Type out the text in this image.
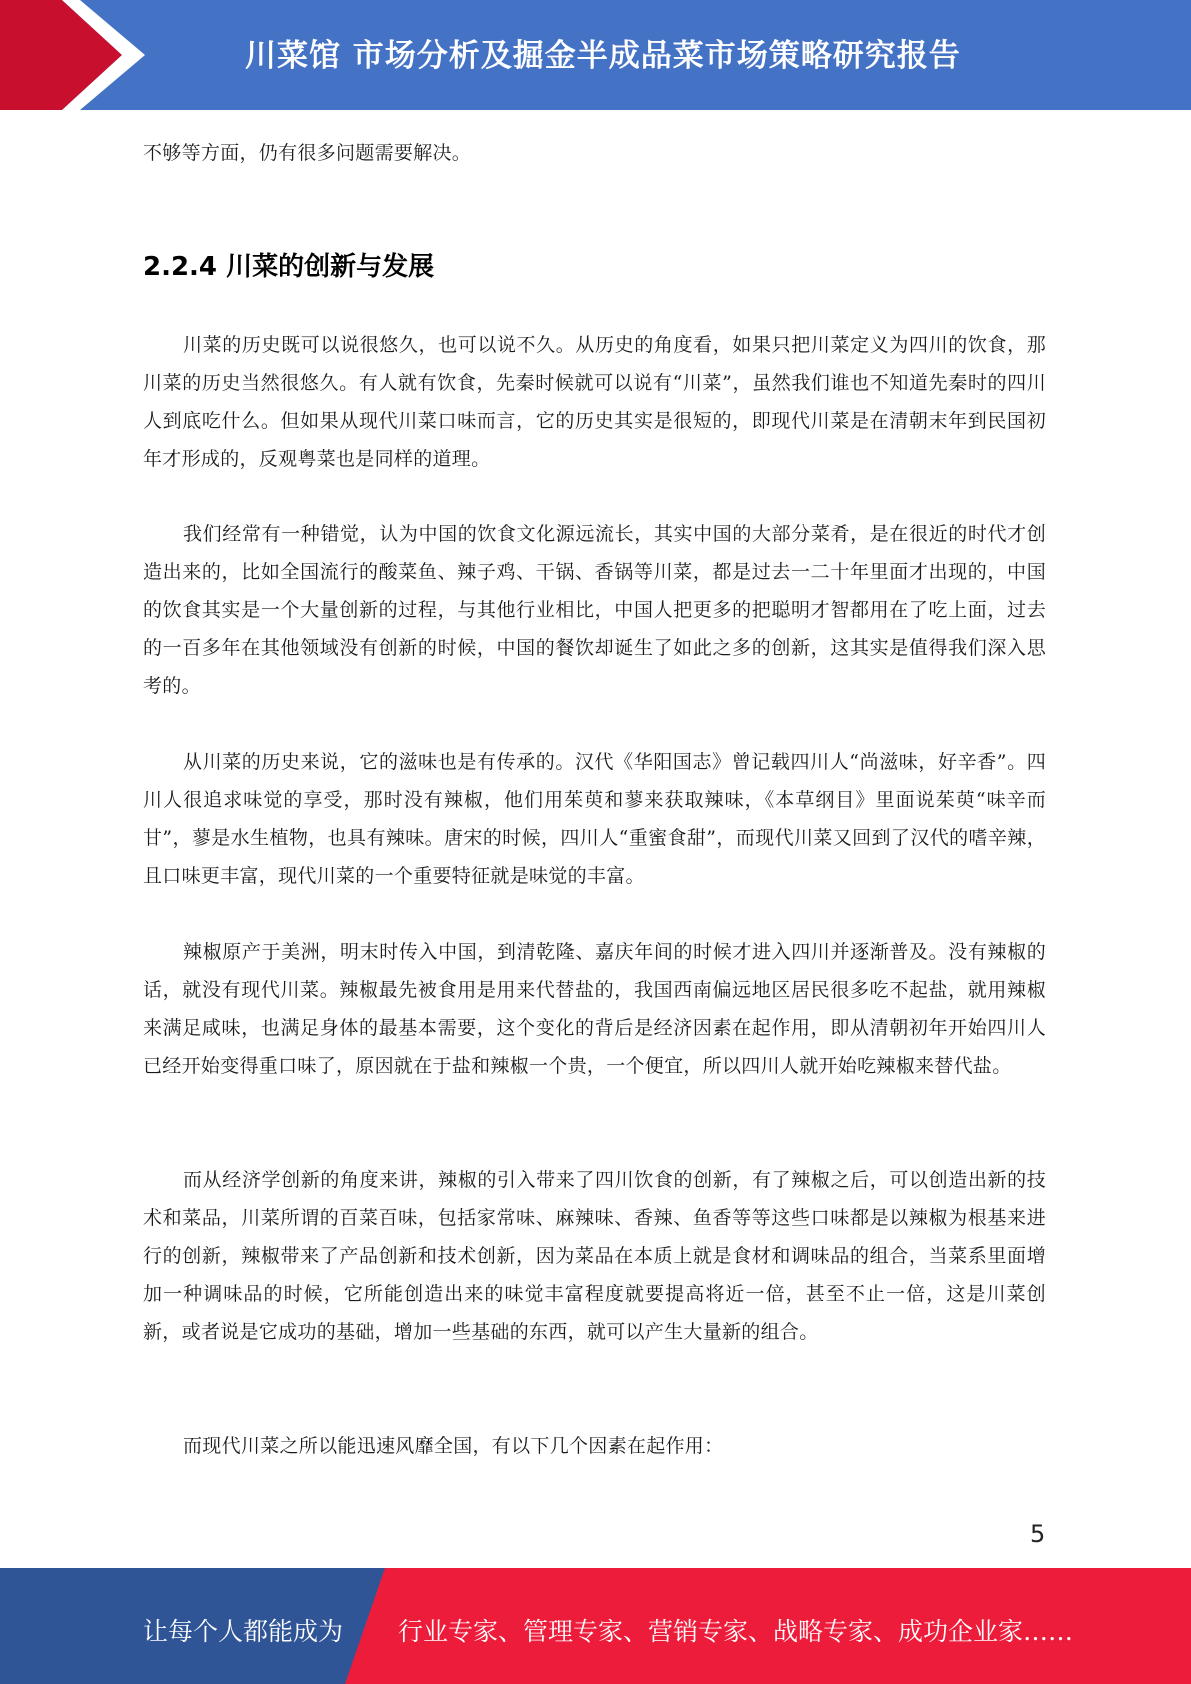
川菜馆 市场分析及掘金半成品菜市场策略研究报告
不够等方面，仍有很多问题需要解决。
2.2.4 川菜的创新与发展
川菜的历史既可以说很悠久，也可以说不久。从历史的角度看，如果只把川菜定义为四川的饮食，那川菜的历史当然很悠久。有人就有饮食，先秦时候就可以说有“川菜”，虽然我们谁也不知道先秦时的四川人到底吃什么。但如果从现代川菜口味而言，它的历史其实是很短的，即现代川菜是在清朝末年到民国初年才形成的，反观粤菜也是同样的道理。
我们经常有一种错觉，认为中国的饮食文化源远流长，其实中国的大部分菜肴，是在很近的时代才创造出来的，比如全国流行的酸菜鱼、辣子鸡、干锅、香锅等川菜，都是过去一二十年里面才出现的，中国的饮食其实是一个大量创新的过程，与其他行业相比，中国人把更多的把聪明才智都用在了吃上面，过去的一百多年在其他领域没有创新的时候，中国的餐饮却诞生了如此之多的创新，这其实是值得我们深入思考的。
从川菜的历史来说，它的滋味也是有传承的。汉代《华阳国志》曾记载四川人“尚滋味，好辛香”。四川人很追求味觉的享受，那时没有辣椒，他们用茱萸和蓼来获取辣味，《本草纲目》里面说茱萸“味辛而甘”，蓼是水生植物，也具有辣味。唐宋的时候，四川人“重蜜食甜”，而现代川菜又回到了汉代的嗜辛辣，且口味更丰富，现代川菜的一个重要特征就是味觉的丰富。
辣椒原产于美洲，明末时传入中国，到清乾隆、嘉庆年间的时候才进入四川并逐渐普及。没有辣椒的话，就没有现代川菜。辣椒最先被食用是用来代替盐的，我国西南偏远地区居民很多吃不起盐，就用辣椒来满足咸味，也满足身体的最基本需要，这个变化的背后是经济因素在起作用，即从清朝初年开始四川人已经开始变得重口味了，原因就在于盐和辣椒一个贵，一个便宜，所以四川人就开始吃辣椒来替代盐。
而从经济学创新的角度来讲，辣椒的引入带来了四川饮食的创新，有了辣椒之后，可以创造出新的技术和菜品，川菜所谓的百菜百味，包括家常味、麻辣味、香辣、鱼香等等这些口味都是以辣椒为根基来进行的创新，辣椒带来了产品创新和技术创新，因为菜品在本质上就是食材和调味品的组合，当菜系里面增加一种调味品的时候，它所能创造出来的味觉丰富程度就要提高将近一倍，甚至不止一倍，这是川菜创新，或者说是它成功的基础，增加一些基础的东西，就可以产生大量新的组合。
而现代川菜之所以能迅速风靡全国，有以下几个因素在起作用：
5
让每个人都能成为 行业专家、管理专家、营销专家、战略专家、成功企业家……
